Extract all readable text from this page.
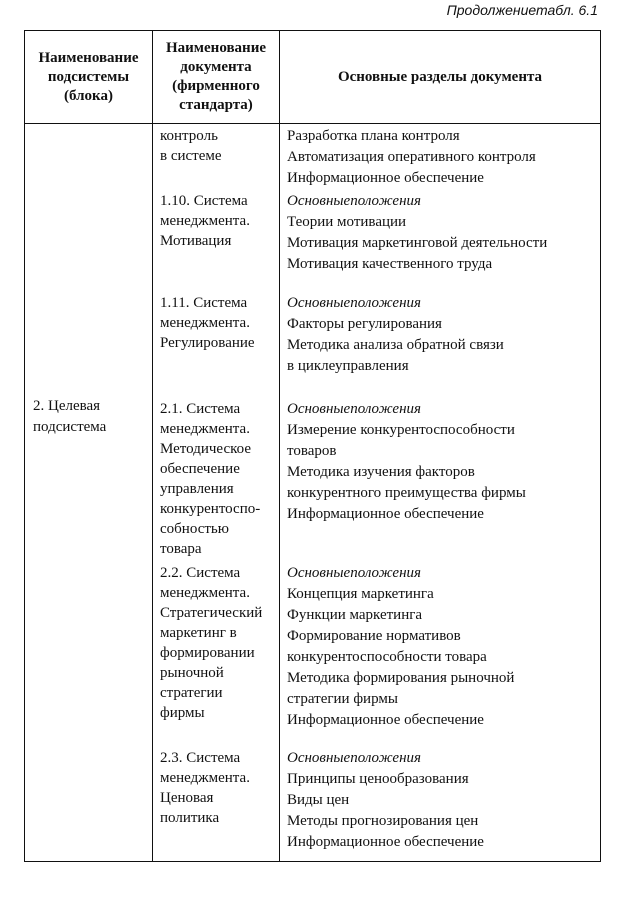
Продолжениетабл. 6.1
Наименование
подсистемы
(блока)
Наименование
документа
(фирменного
стандарта)
Основные разделы документа
2. Целевая
подсистема
контроль
в системе
Разработка плана контроля
Автоматизация оперативного контроля
Информационное обеспечение
1.10. Система
менеджмента.
Мотивация
Основныеположения
Теории мотивации
Мотивация маркетинговой деятельности
Мотивация качественного труда
1.11. Система
менеджмента.
Регулирование
Основныеположения
Факторы регулирования
Методика анализа обратной связи
в циклеуправления
2.1. Система
менеджмента.
Методическое
обеспечение
управления
конкурентоспо-
собностью
товара
Основныеположения
Измерение конкурентоспособности
товаров
Методика изучения факторов
конкурентного преимущества фирмы
Информационное обеспечение
2.2. Система
менеджмента.
Стратегический
маркетинг в
формировании
рыночной
стратегии
фирмы
Основныеположения
Концепция маркетинга
Функции маркетинга
Формирование нормативов
конкурентоспособности товара
Методика формирования рыночной
стратегии фирмы
Информационное обеспечение
2.3. Система
менеджмента.
Ценовая
политика
Основныеположения
Принципы ценообразования
Виды цен
Методы прогнозирования цен
Информационное обеспечение
